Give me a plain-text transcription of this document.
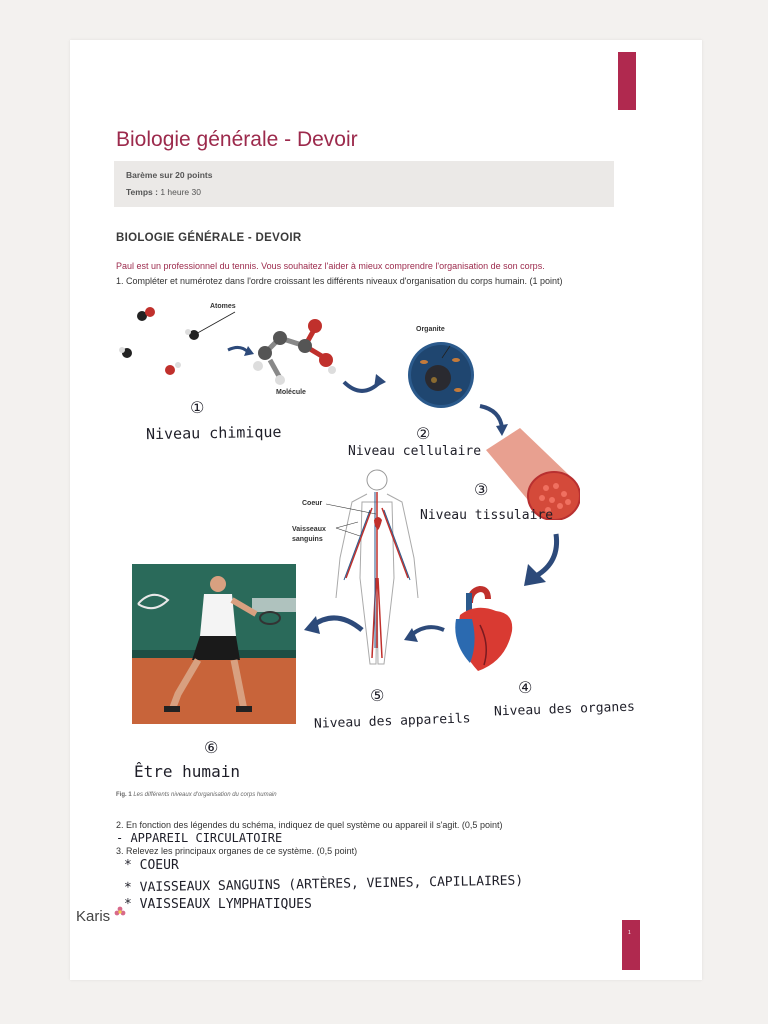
Biologie générale - Devoir
Barème sur 20 points
Temps : 1 heure 30
BIOLOGIE GÉNÉRALE - DEVOIR
Paul est un professionnel du tennis. Vous souhaitez l'aider à mieux comprendre l'organisation de son corps.
1. Compléter et numérotez dans l'ordre croissant les différents niveaux d'organisation du corps humain. (1 point)
Atomes
Molécule
Organite
Coeur
Vaisseaux
sanguins
①
Niveau chimique	②
Niveau cellulaire
③
Niveau tissulaire
④
Niveau des organes
⑤
Niveau des appareils
⑥
Être humain
Fig. 1 Les différents niveaux d'organisation du corps humain
2. En fonction des légendes du schéma, indiquez de quel système ou appareil il s'agit. (0,5 point)
- APPAREIL CIRCULATOIRE
3. Relevez les principaux organes de ce système. (0,5 point)
* COEUR
* VAISSEAUX SANGUINS (ARTÈRES, VEINES, CAPILLAIRES)
* VAISSEAUX LYMPHATIQUES
Karis
1
